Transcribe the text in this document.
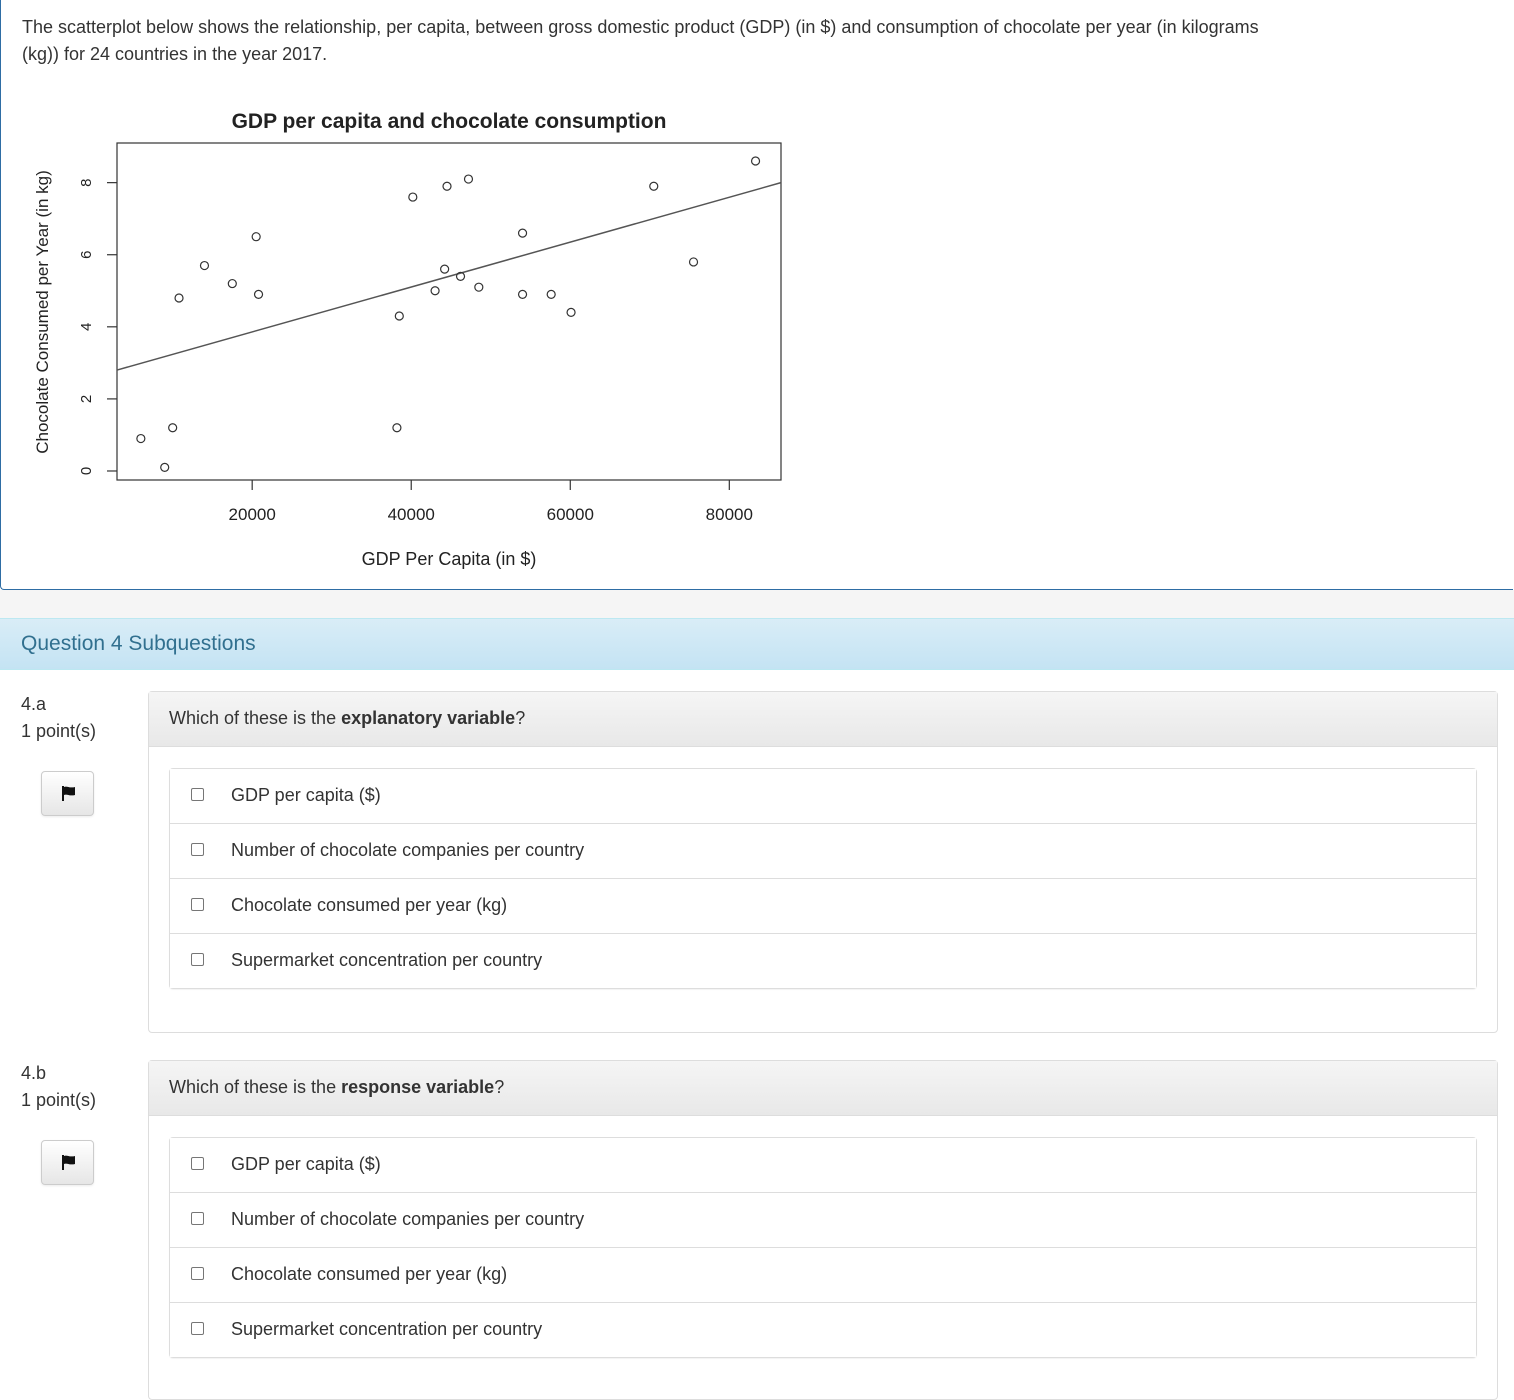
The scatterplot below shows the relationship, per capita, between gross domestic product (GDP) (in $) and consumption of chocolate per year (in kilograms (kg)) for 24 countries in the year 2017.
GDP per capita and chocolate consumption
0
2
4
6
8
20000	40000	60000	80000
GDP Per Capita (in $)
Chocolate Consumed per Year (in kg)
Question 4 Subquestions
4.a
1 point(s)
Which of these is the explanatory variable?
GDP per capita ($)
Number of chocolate companies per country
Chocolate consumed per year (kg)
Supermarket concentration per country
4.b
1 point(s)
Which of these is the response variable?
GDP per capita ($)
Number of chocolate companies per country
Chocolate consumed per year (kg)
Supermarket concentration per country
